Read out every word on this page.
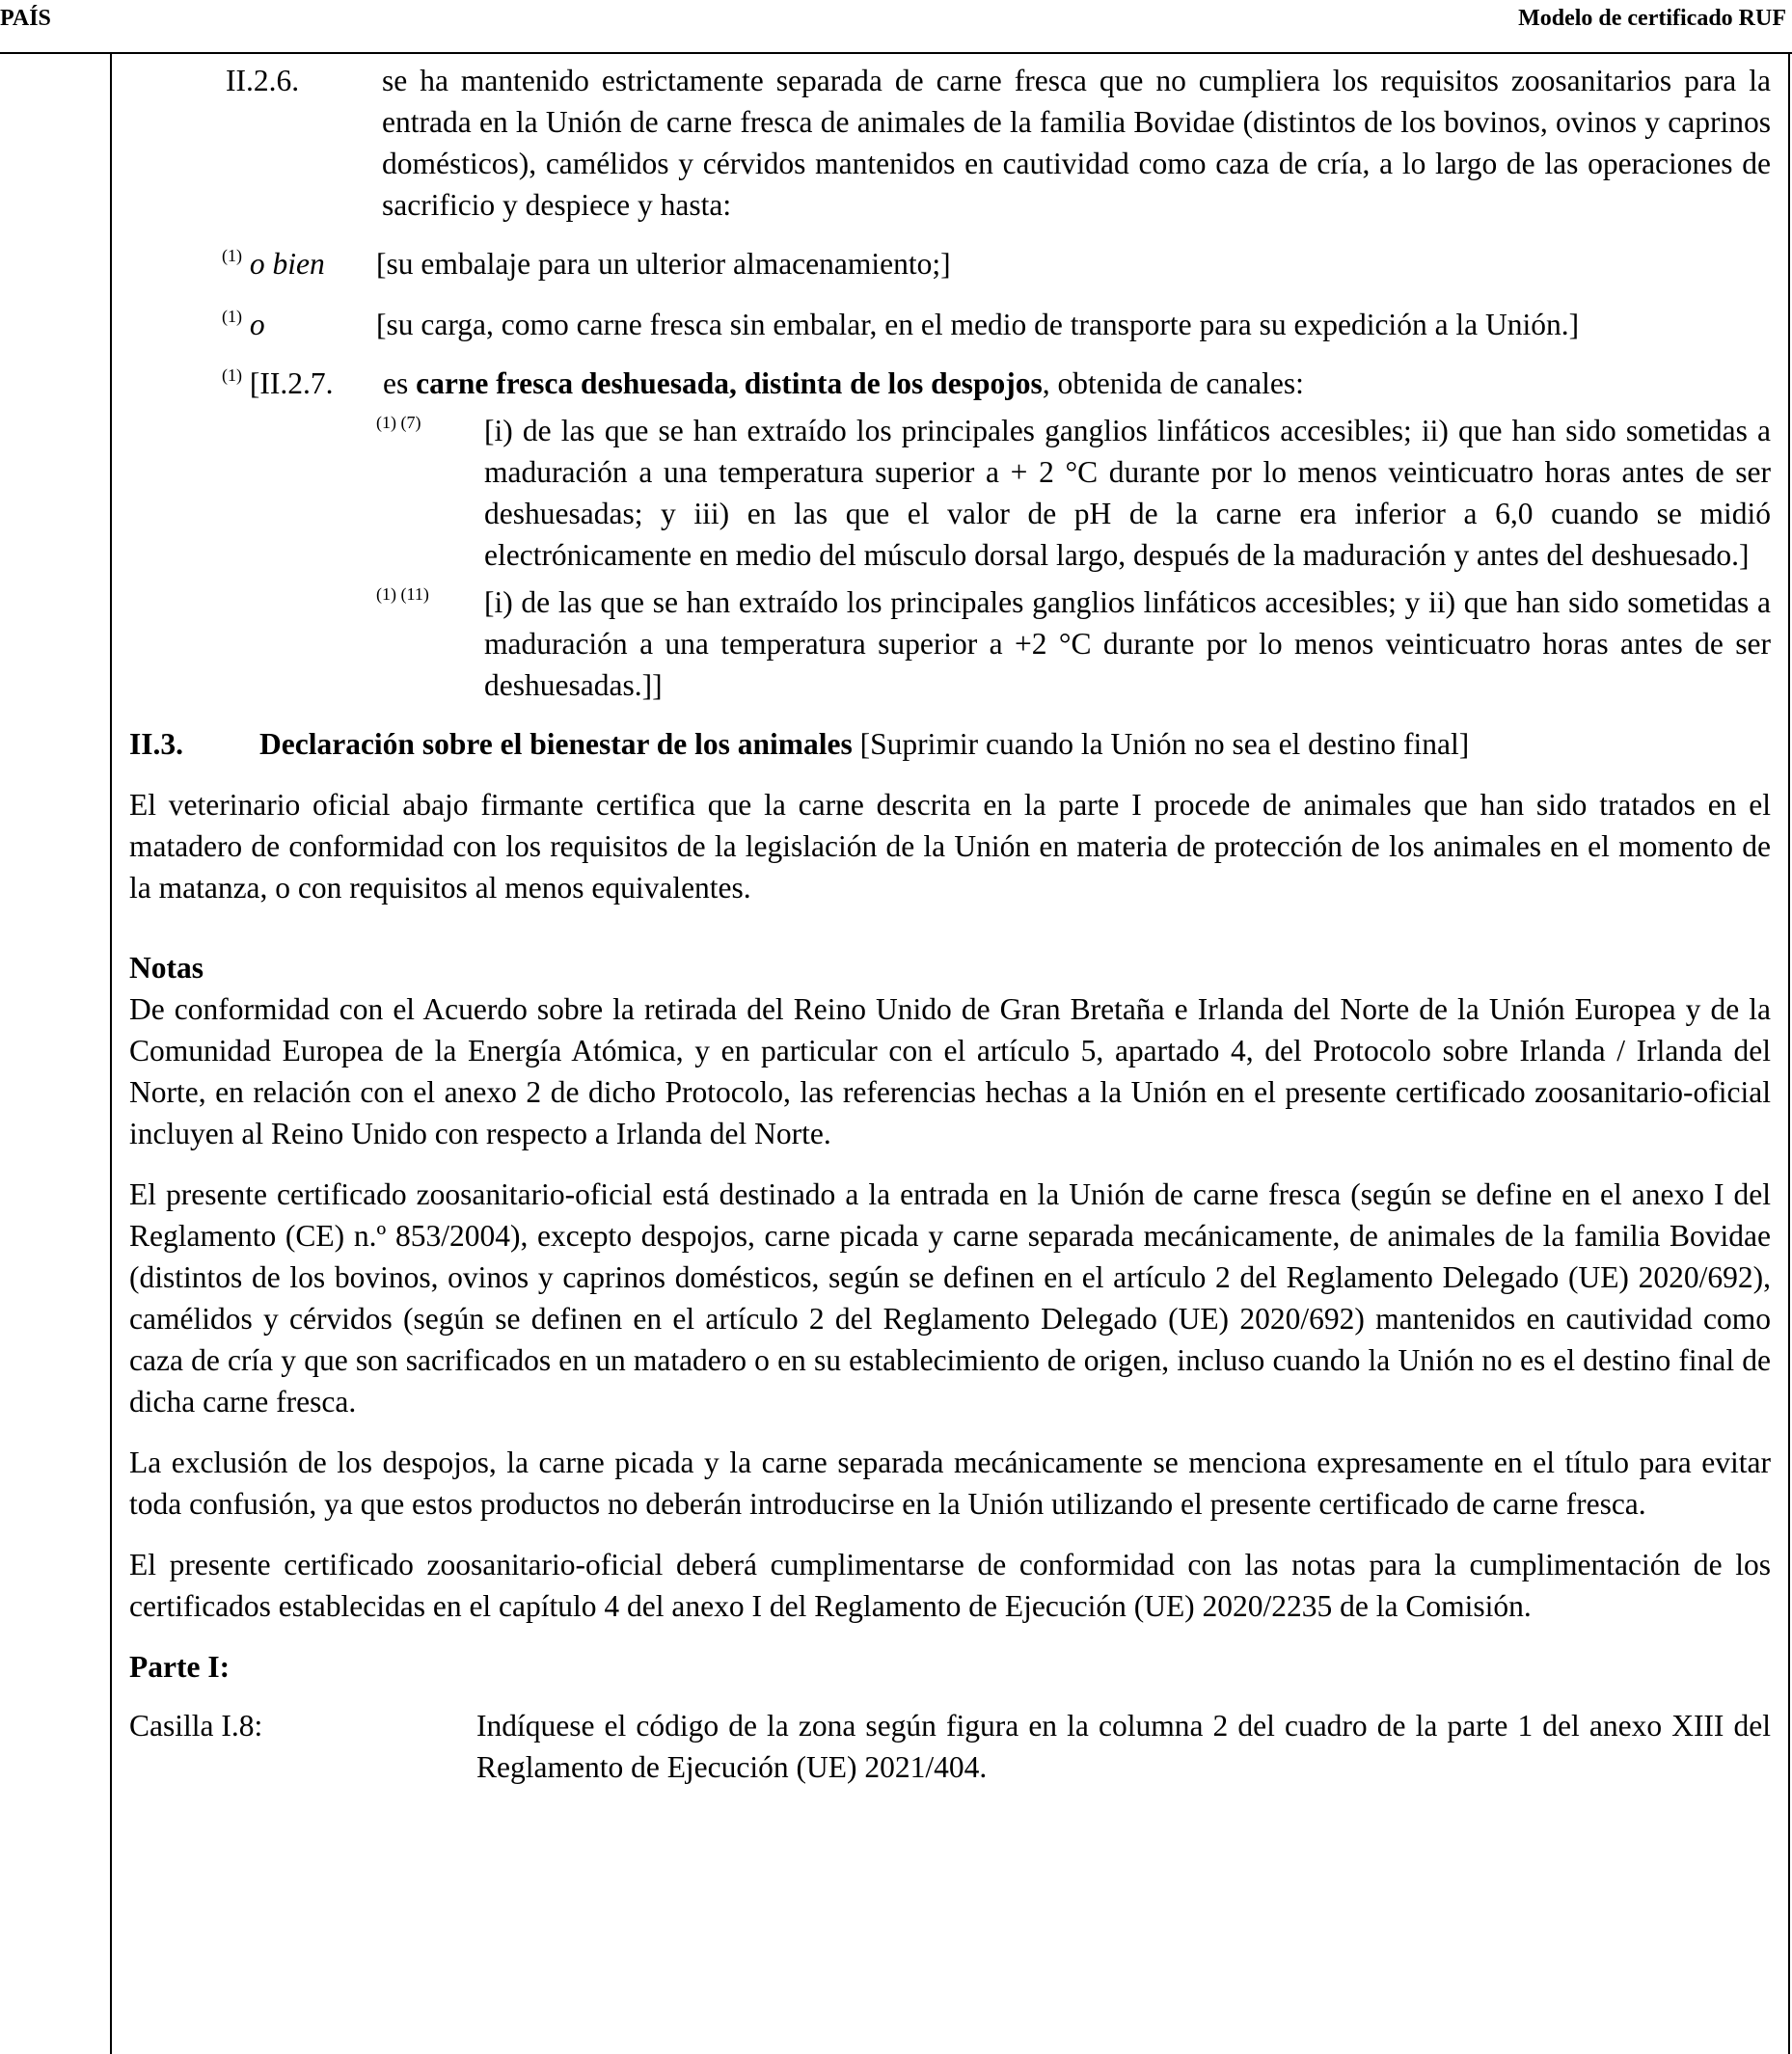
PAÍS	Modelo de certificado RUF
II.2.6.	se ha mantenido estrictamente separada de carne fresca que no cumpliera los requisitos zoosanitarios para la entrada en la Unión de carne fresca de animales de la familia Bovidae (distintos de los bovinos, ovinos y caprinos domésticos), camélidos y cérvidos mantenidos en cautividad como caza de cría, a lo largo de las operaciones de sacrificio y despiece y hasta:

$^{(1)}$ o bien [su embalaje para un ulterior almacenamiento;]

$^{(1)}$ o	[su carga, como carne fresca sin embalar, en el medio de transporte para su expedición a la Unión.]

$^{(1)}$ [II.2.7. es carne fresca deshuesada, distinta de los despojos, obtenida de canales:

$^{(1) (7)}$ [i) de las que se han extraído los principales ganglios linfáticos accesibles; ii) que han sido sometidas a maduración a una temperatura superior a + 2 °C durante por lo menos veinticuatro horas antes de ser deshuesadas; y iii) en las que el valor de pH de la carne era inferior a 6,0 cuando se midió electrónicamente en medio del músculo dorsal largo, después de la maduración y antes del deshuesado.]

$^{(1) (11)}$ [i) de las que se han extraído los principales ganglios linfáticos accesibles; y ii) que han sido sometidas a maduración a una temperatura superior a +2 °C durante por lo menos veinticuatro horas antes de ser deshuesadas.]]

II.3.	Declaración sobre el bienestar de los animales [Suprimir cuando la Unión no sea el destino final]

El veterinario oficial abajo firmante certifica que la carne descrita en la parte I procede de animales que han sido tratados en el matadero de conformidad con los requisitos de la legislación de la Unión en materia de protección de los animales en el momento de la matanza, o con requisitos al menos equivalentes.

Notas

De conformidad con el Acuerdo sobre la retirada del Reino Unido de Gran Bretaña e Irlanda del Norte de la Unión Europea y de la Comunidad Europea de la Energía Atómica, y en particular con el artículo 5, apartado 4, del Protocolo sobre Irlanda / Irlanda del Norte, en relación con el anexo 2 de dicho Protocolo, las referencias hechas a la Unión en el presente certificado zoosanitario-oficial incluyen al Reino Unido con respecto a Irlanda del Norte.

El presente certificado zoosanitario-oficial está destinado a la entrada en la Unión de carne fresca (según se define en el anexo I del Reglamento (CE) n.º 853/2004), excepto despojos, carne picada y carne separada mecánicamente, de animales de la familia Bovidae (distintos de los bovinos, ovinos y caprinos domésticos, según se definen en el artículo 2 del Reglamento Delegado (UE) 2020/692), camélidos y cérvidos (según se definen en el artículo 2 del Reglamento Delegado (UE) 2020/692) mantenidos en cautividad como caza de cría y que son sacrificados en un matadero o en su establecimiento de origen, incluso cuando la Unión no es el destino final de dicha carne fresca.

La exclusión de los despojos, la carne picada y la carne separada mecánicamente se menciona expresamente en el título para evitar toda confusión, ya que estos productos no deberán introducirse en la Unión utilizando el presente certificado de carne fresca.

El presente certificado zoosanitario-oficial deberá cumplimentarse de conformidad con las notas para la cumplimentación de los certificados establecidas en el capítulo 4 del anexo I del Reglamento de Ejecución (UE) 2020/2235 de la Comisión.

Parte I:

Casilla I.8:	Indíquese el código de la zona según figura en la columna 2 del cuadro de la parte 1 del anexo XIII del Reglamento de Ejecución (UE) 2021/404.
